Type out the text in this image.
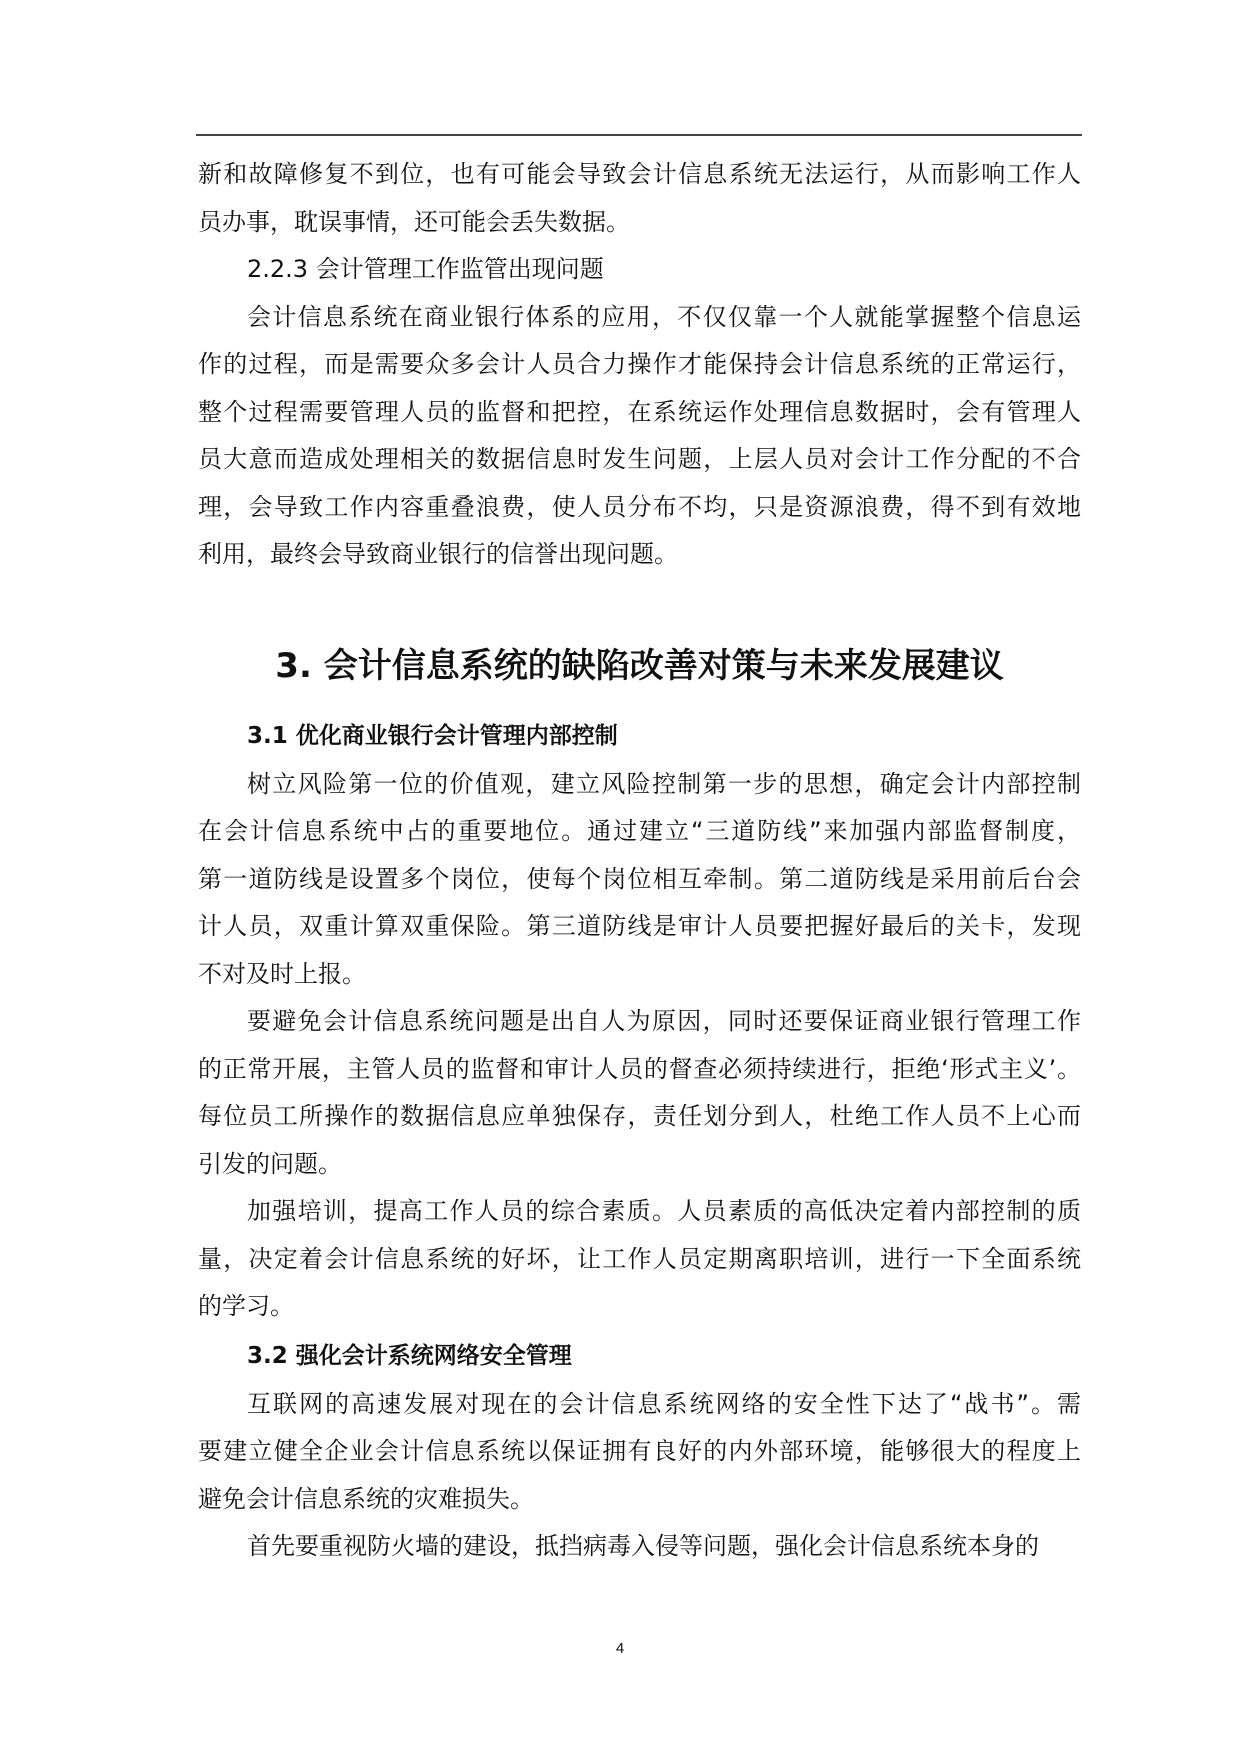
新和故障修复不到位，也有可能会导致会计信息系统无法运行，从而影响工作人
员办事，耽误事情，还可能会丢失数据。
2.2.3 会计管理工作监管出现问题
会计信息系统在商业银行体系的应用，不仅仅靠一个人就能掌握整个信息运
作的过程，而是需要众多会计人员合力操作才能保持会计信息系统的正常运行，
整个过程需要管理人员的监督和把控，在系统运作处理信息数据时，会有管理人
员大意而造成处理相关的数据信息时发生问题，上层人员对会计工作分配的不合
理，会导致工作内容重叠浪费，使人员分布不均，只是资源浪费，得不到有效地
利用，最终会导致商业银行的信誉出现问题。
3. 会计信息系统的缺陷改善对策与未来发展建议
3.1 优化商业银行会计管理内部控制
树立风险第一位的价值观，建立风险控制第一步的思想，确定会计内部控制
在会计信息系统中占的重要地位。通过建立“三道防线”来加强内部监督制度，
第一道防线是设置多个岗位，使每个岗位相互牵制。第二道防线是采用前后台会
计人员，双重计算双重保险。第三道防线是审计人员要把握好最后的关卡，发现
不对及时上报。
要避免会计信息系统问题是出自人为原因，同时还要保证商业银行管理工作
的正常开展，主管人员的监督和审计人员的督查必须持续进行，拒绝‘形式主义’。
每位员工所操作的数据信息应单独保存，责任划分到人，杜绝工作人员不上心而
引发的问题。
加强培训，提高工作人员的综合素质。人员素质的高低决定着内部控制的质
量，决定着会计信息系统的好坏，让工作人员定期离职培训，进行一下全面系统
的学习。
3.2 强化会计系统网络安全管理
互联网的高速发展对现在的会计信息系统网络的安全性下达了“战书”。需
要建立健全企业会计信息系统以保证拥有良好的内外部环境，能够很大的程度上
避免会计信息系统的灾难损失。
首先要重视防火墙的建设，抵挡病毒入侵等问题，强化会计信息系统本身的
4
